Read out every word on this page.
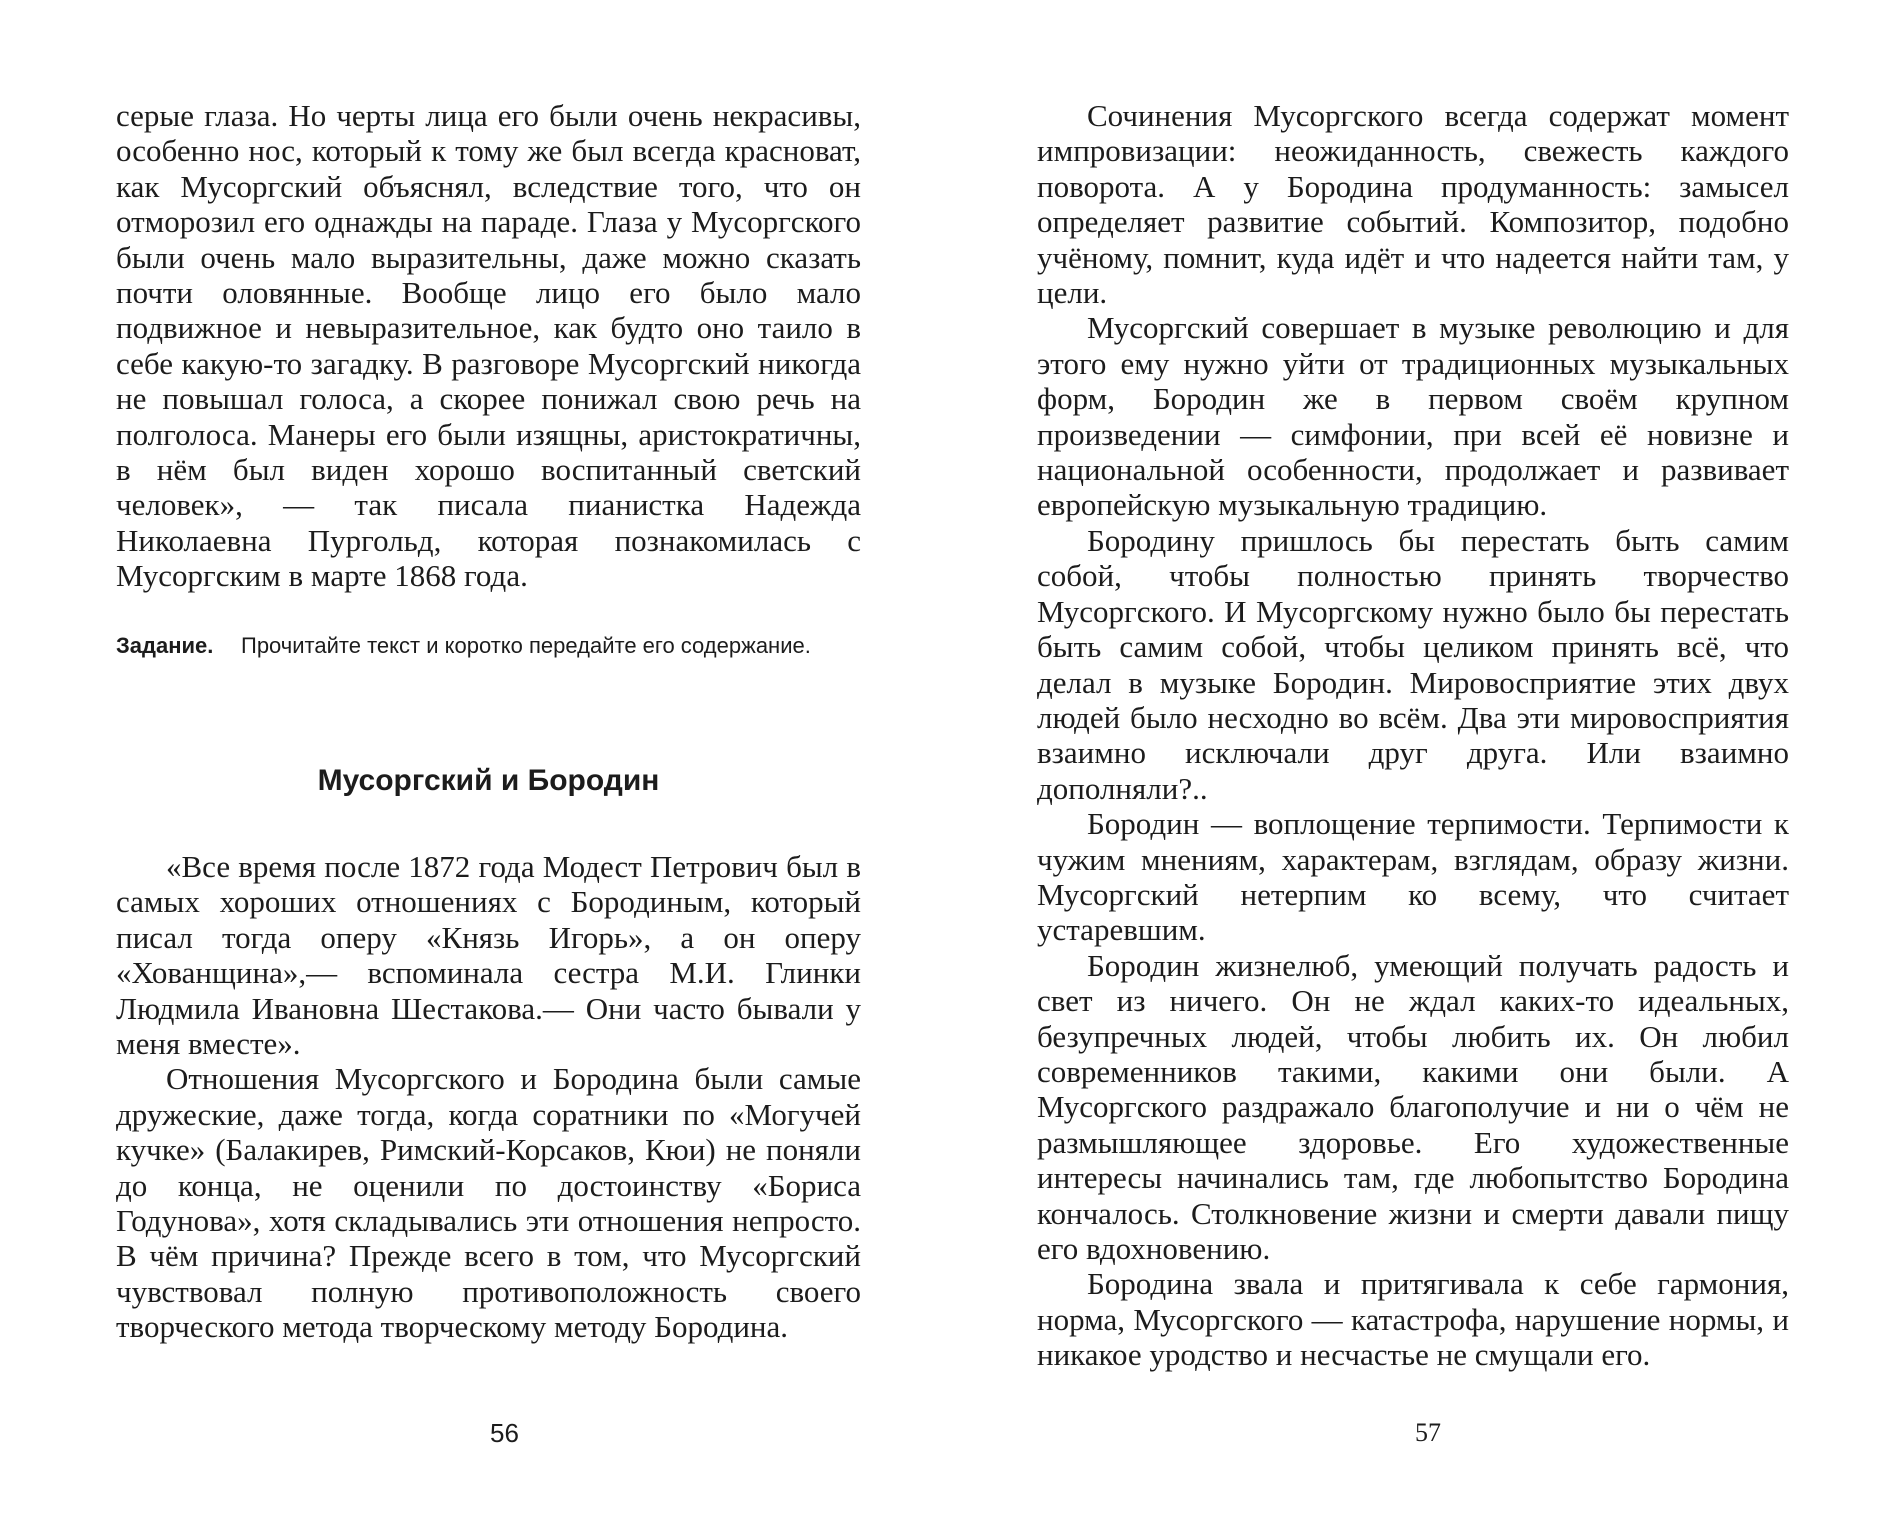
серые глаза. Но черты лица его были очень некрасивы, особенно нос, который к тому же был всегда красноват, как Мусоргский объяснял, вследствие того, что он отморозил его однажды на параде. Глаза у Мусоргского были очень мало выразительны, даже можно сказать почти оловянные. Вообще лицо его было мало подвижное и невыразительное, как будто оно таило в себе какую-то загадку. В разговоре Мусоргский никогда не повышал голоса, а скорее понижал свою речь на полголоса. Манеры его были изящны, аристократичны, в нём был виден хорошо воспитанный светский человек», — так писала пианистка Надежда Николаевна Пургольд, которая познакомилась с Мусоргским в марте 1868 года.

Задание.	Прочитайте текст и коротко передайте его содержание.
Мусоргский и Бородин

«Все время после 1872 года Модест Петрович был в самых хороших отношениях с Бородиным, который писал тогда оперу «Князь Игорь», а он оперу «Хованщина»,— вспоминала сестра М.И. Глинки Людмила Ивановна Шестакова.— Они часто бывали у меня вместе».

Отношения Мусоргского и Бородина были самые дружеские, даже тогда, когда соратники по «Могучей кучке» (Балакирев, Римский-Корсаков, Кюи) не поняли до конца, не оценили по достоинству «Бориса Годунова», хотя складывались эти отношения непросто. В чём причина? Прежде всего в том, что Мусоргский чувствовал полную противоположность своего творческого метода творческому методу Бородина.

56

Сочинения Мусоргского всегда содержат момент импровизации: неожиданность, свежесть каждого поворота. А у Бородина продуманность: замысел определяет развитие событий. Композитор, подобно учёному, помнит, куда идёт и что надеется найти там, у цели.

Мусоргский совершает в музыке революцию и для этого ему нужно уйти от традиционных музыкальных форм, Бородин же в первом своём крупном произведении — симфонии, при всей её новизне и национальной особенности, продолжает и развивает европейскую музыкальную традицию.

Бородину пришлось бы перестать быть самим собой, чтобы полностью принять творчество Мусоргского. И Мусоргскому нужно было бы перестать быть самим собой, чтобы целиком принять всё, что делал в музыке Бородин. Мировосприятие этих двух людей было несходно во всём. Два эти мировосприятия взаимно исключали друг друга. Или взаимно дополняли?..

Бородин — воплощение терпимости. Терпимости к чужим мнениям, характерам, взглядам, образу жизни. Мусоргский нетерпим ко всему, что считает устаревшим.

Бородин жизнелюб, умеющий получать радость и свет из ничего. Он не ждал каких-то идеальных, безупречных людей, чтобы любить их. Он любил современников такими, какими они были. А Мусоргского раздражало благополучие и ни о чём не размышляющее здоровье. Его художественные интересы начинались там, где любопытство Бородина кончалось. Столкновение жизни и смерти давали пищу его вдохновению.

Бородина звала и притягивала к себе гармония, норма, Мусоргского — катастрофа, нарушение нормы, и никакое уродство и несчастье не смущали его.

57
